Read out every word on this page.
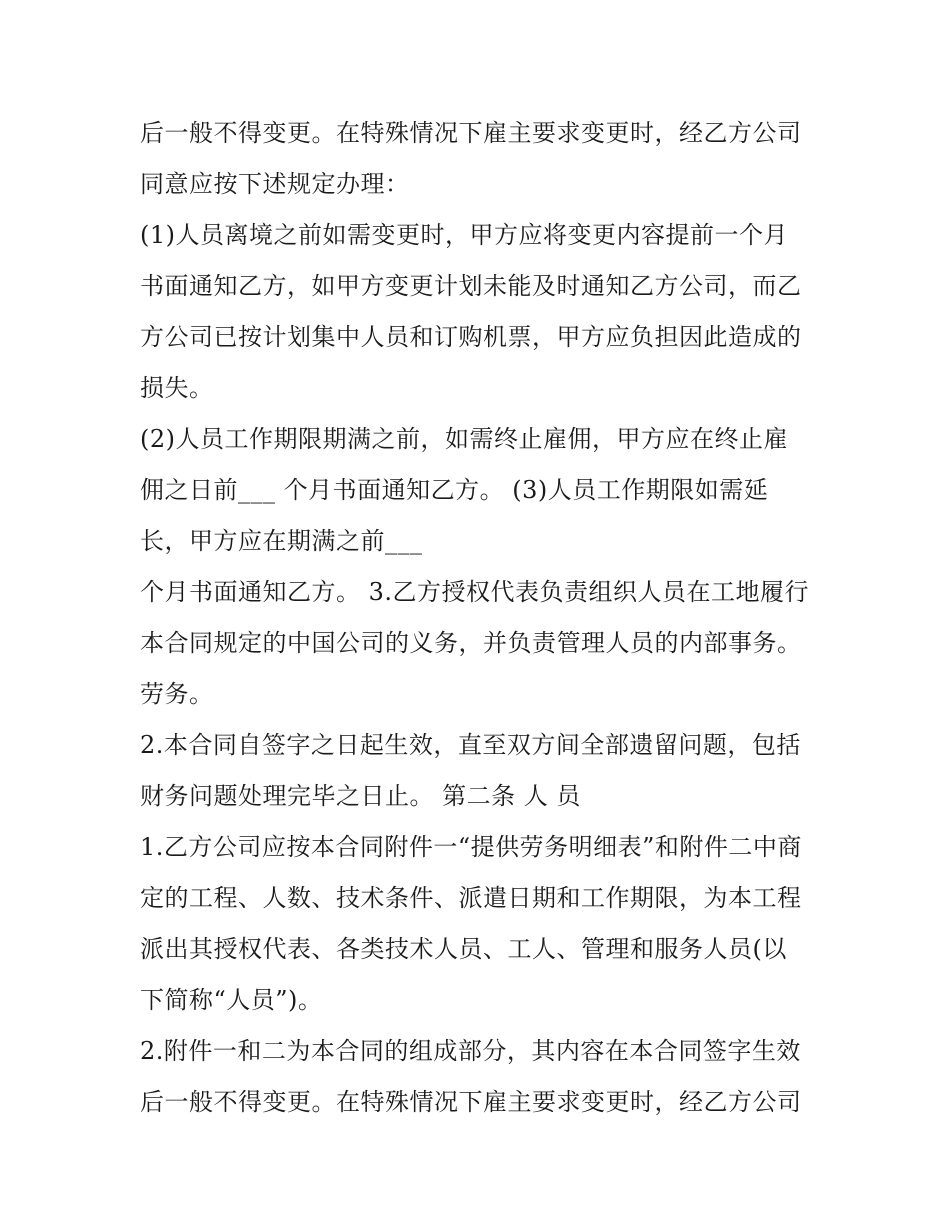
后一般不得变更。在特殊情况下雇主要求变更时，经乙方公司
同意应按下述规定办理：
(1)人员离境之前如需变更时，甲方应将变更内容提前一个月
书面通知乙方，如甲方变更计划未能及时通知乙方公司，而乙
方公司已按计划集中人员和订购机票，甲方应负担因此造成的
损失。
(2)人员工作期限期满之前，如需终止雇佣，甲方应在终止雇
佣之日前___ 个月书面通知乙方。 (3)人员工作期限如需延
长，甲方应在期满之前___
个月书面通知乙方。 3.乙方授权代表负责组织人员在工地履行
本合同规定的中国公司的义务，并负责管理人员的内部事务。
劳务。
2.本合同自签字之日起生效，直至双方间全部遗留问题，包括
财务问题处理完毕之日止。 第二条 人 员
1.乙方公司应按本合同附件一“提供劳务明细表”和附件二中商
定的工程、人数、技术条件、派遣日期和工作期限，为本工程
派出其授权代表、各类技术人员、工人、管理和服务人员(以
下简称“人员”)。
2.附件一和二为本合同的组成部分，其内容在本合同签字生效
后一般不得变更。在特殊情况下雇主要求变更时，经乙方公司
